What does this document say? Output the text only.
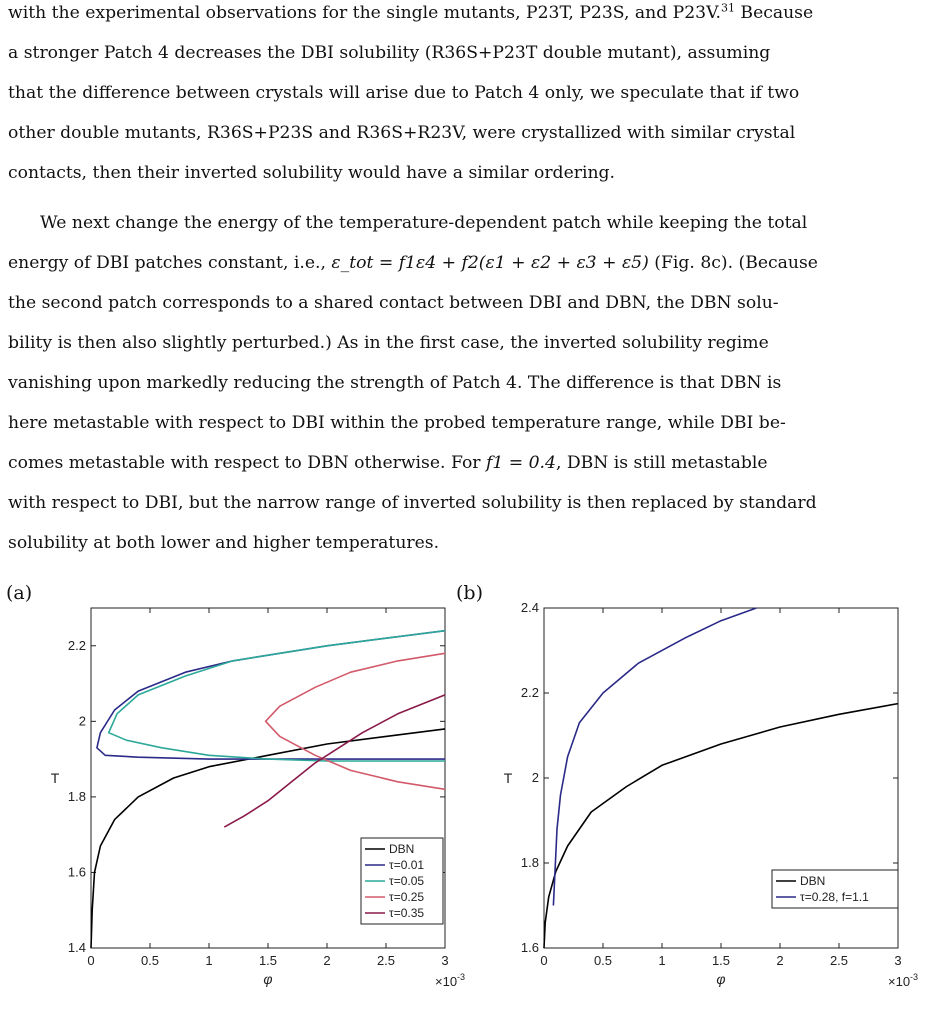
with the experimental observations for the single mutants, P23T, P23S, and P23V.$^{31}$ Because
a stronger Patch 4 decreases the DBI solubility (R36S+P23T double mutant), assuming
that the difference between crystals will arise due to Patch 4 only, we speculate that if two
other double mutants, R36S+P23S and R36S+R23V, were crystallized with similar crystal
contacts, then their inverted solubility would have a similar ordering.
We next change the energy of the temperature-dependent patch while keeping the total
energy of DBI patches constant, i.e., ε_tot = f1ε4 + f2(ε1 + ε2 + ε3 + ε5) (Fig. 8c). (Because
the second patch corresponds to a shared contact between DBI and DBN, the DBN solu-
bility is then also slightly perturbed.) As in the first case, the inverted solubility regime
vanishing upon markedly reducing the strength of Patch 4. The difference is that DBN is
here metastable with respect to DBI within the probed temperature range, while DBI be-
comes metastable with respect to DBN otherwise. For f1 = 0.4, DBN is still metastable
with respect to DBI, but the narrow range of inverted solubility is then replaced by standard
solubility at both lower and higher temperatures.
(a)	(b)
0	0.5	1	1.5	2	2.5	3
1.4
1.6
1.8
2
2.2
φ
T
×10 -3
DBN
τ=0.01
τ=0.05
τ=0.25
τ=0.35
0	0.5	1	1.5	2	2.5	3
1.6
1.8
2
2.2
2.4
φ
T
×10 -3
DBN
τ=0.28, f=1.1
